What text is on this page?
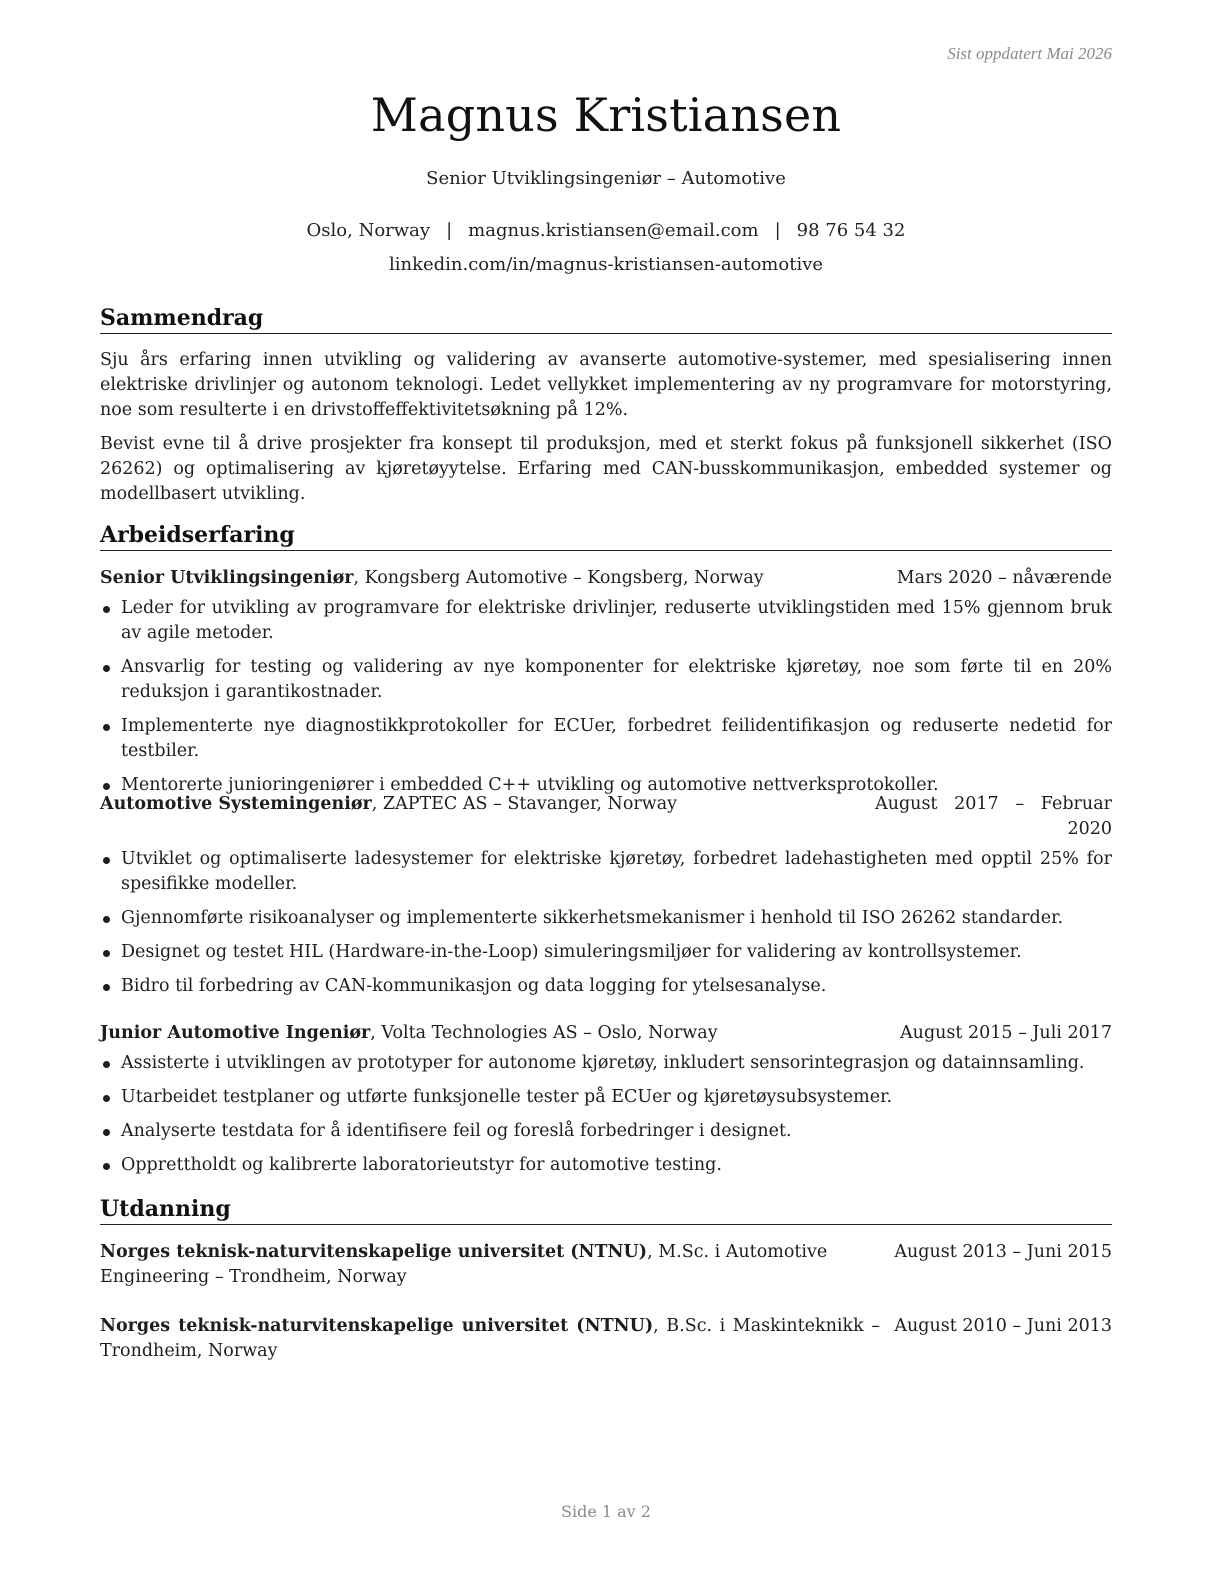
Sist oppdatert Mai 2026
Magnus Kristiansen
Senior Utviklingsingeniør – Automotive
Oslo, Norway | magnus.kristiansen@email.com | 98 76 54 32
linkedin.com/in/magnus-kristiansen-automotive
Sammendrag

Sju års erfaring innen utvikling og validering av avanserte automotive-systemer, med spesialisering innen elektriske drivlinjer og autonom teknologi. Ledet vellykket implementering av ny programvare for motorstyring, noe som resulterte i en drivstoffeffektivitetsøkning på 12%.

Bevist evne til å drive prosjekter fra konsept til produksjon, med et sterkt fokus på funksjonell sikkerhet (ISO 26262) og optimalisering av kjøretøyytelse. Erfaring med CAN-busskommunikasjon, embedded systemer og modellbasert utvikling.

Arbeidserfaring
Senior Utviklingsingeniør, Kongsberg Automotive – Kongsberg, Norway	Mars 2020 – nåværende
Leder for utvikling av programvare for elektriske drivlinjer, reduserte utviklingstiden med 15% gjennom bruk av agile metoder.
Ansvarlig for testing og validering av nye komponenter for elektriske kjøretøy, noe som førte til en 20% reduksjon i garantikostnader.
Implementerte nye diagnostikkprotokoller for ECUer, forbedret feilidentifikasjon og reduserte nedetid for testbiler.
Mentorerte junioringeniører i embedded C++ utvikling og automotive nettverksprotokoller.
Automotive Systemingeniør, ZAPTEC AS – Stavanger, Norway	August   2017   –   Februar
2020
Utviklet og optimaliserte ladesystemer for elektriske kjøretøy, forbedret ladehastigheten med opptil 25% for spesifikke modeller.
Gjennomførte risikoanalyser og implementerte sikkerhetsmekanismer i henhold til ISO 26262 standarder.
Designet og testet HIL (Hardware-in-the-Loop) simuleringsmiljøer for validering av kontrollsystemer.
Bidro til forbedring av CAN-kommunikasjon og data logging for ytelsesanalyse.
Junior Automotive Ingeniør, Volta Technologies AS – Oslo, Norway	August 2015 – Juli 2017
Assisterte i utviklingen av prototyper for autonome kjøretøy, inkludert sensorintegrasjon og datainnsamling.
Utarbeidet testplaner og utførte funksjonelle tester på ECUer og kjøretøysubsystemer.
Analyserte testdata for å identifisere feil og foreslå forbedringer i designet.
Opprettholdt og kalibrerte laboratorieutstyr for automotive testing.
Utdanning
Norges teknisk-naturvitenskapelige universitet (NTNU), M.Sc. i Automotive Engineering – Trondheim, Norway
August 2013 – Juni 2015
Norges teknisk-naturvitenskapelige universitet (NTNU), B.Sc. i Maskinteknikk – Trondheim, Norway
August 2010 – Juni 2013
Side 1 av 2
